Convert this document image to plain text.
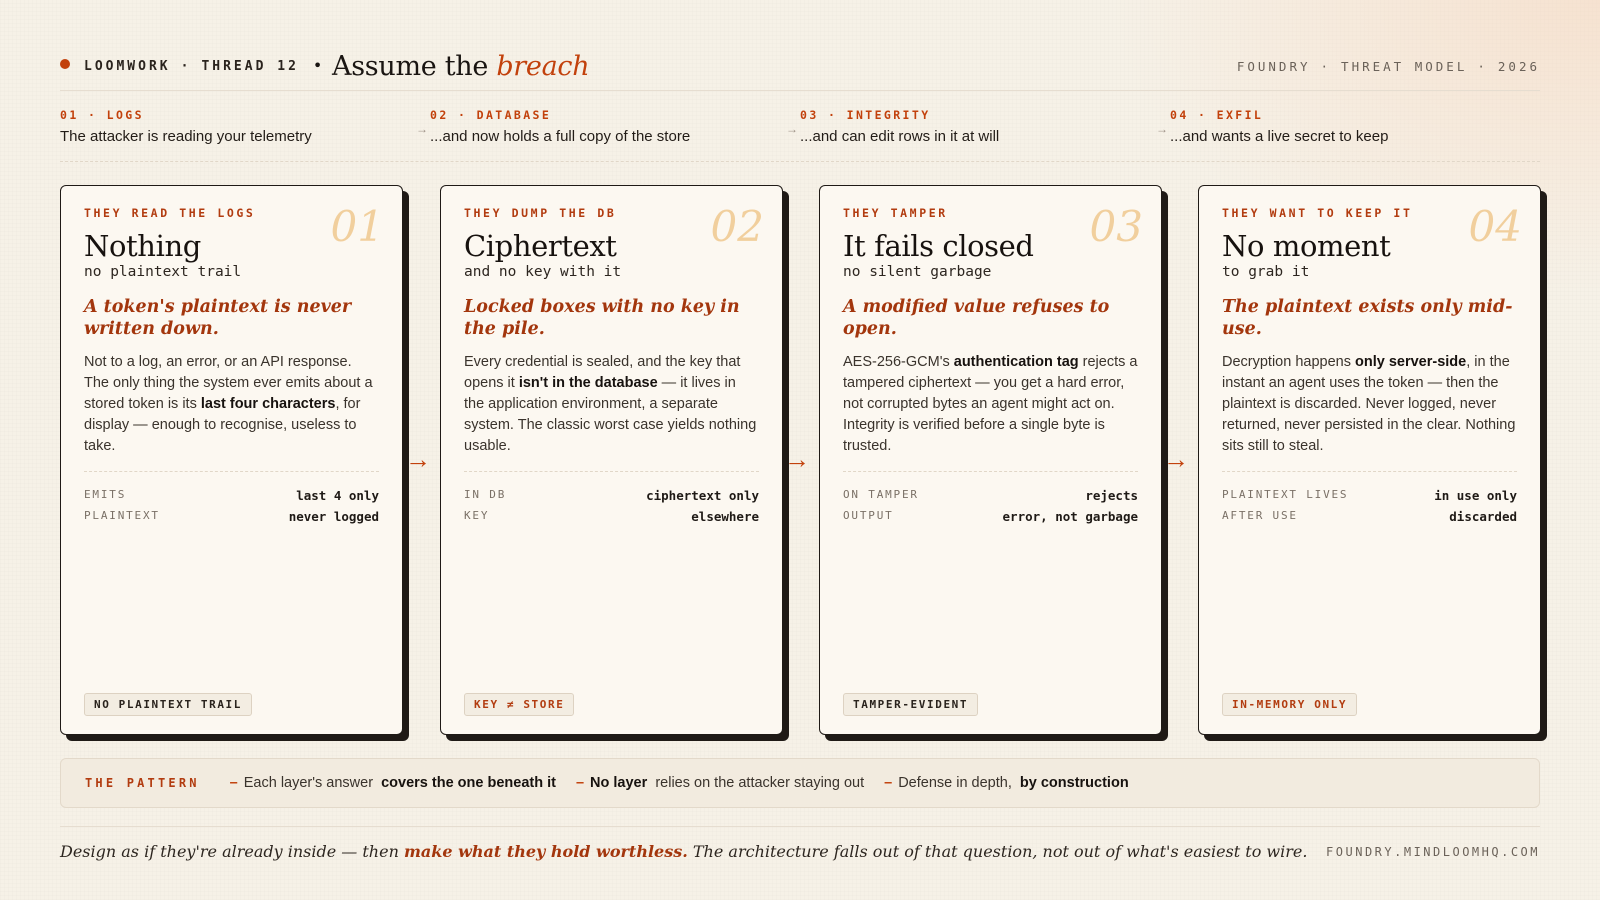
LOOMWORK · THREAD 12 • Assume the breach	FOUNDRY · THREAT MODEL · 2026
01 · LOGS
The attacker is reading your telemetry	→
02 · DATABASE
...and now holds a full copy of the store	→
03 · INTEGRITY
...and can edit rows in it at will	→
04 · EXFIL
...and wants a live secret to keep
THEY READ THE LOGS	01
Nothing
no plaintext trail
A token's plaintext is never written down.
Not to a log, an error, or an API response. The only thing the system ever emits about a stored token is its last four characters, for display — enough to recognise, useless to take.
EMITS	last 4 only
PLAINTEXT	never logged
NO PLAINTEXT TRAIL
→
THEY DUMP THE DB	02
Ciphertext
and no key with it
Locked boxes with no key in the pile.
Every credential is sealed, and the key that opens it isn't in the database — it lives in the application environment, a separate system. The classic worst case yields nothing usable.
IN DB	ciphertext only
KEY	elsewhere
KEY ≠ STORE
→
THEY TAMPER	03
It fails closed
no silent garbage
A modified value refuses to open.
AES-256-GCM's authentication tag rejects a tampered ciphertext — you get a hard error, not corrupted bytes an agent might act on. Integrity is verified before a single byte is trusted.
ON TAMPER	rejects
OUTPUT	error, not garbage
TAMPER-EVIDENT
→
THEY WANT TO KEEP IT	04
No moment
to grab it
The plaintext exists only mid-use.
Decryption happens only server-side, in the instant an agent uses the token — then the plaintext is discarded. Never logged, never returned, never persisted in the clear. Nothing sits still to steal.
PLAINTEXT LIVES	in use only
AFTER USE	discarded
IN-MEMORY ONLY
THE PATTERN – Each layer's answer covers the one beneath it – No layer relies on the attacker staying out – Defense in depth, by construction
Design as if they're already inside — then make what they hold worthless. The architecture falls out of that question, not out of what's easiest to wire. FOUNDRY.MINDLOOMHQ.COM
